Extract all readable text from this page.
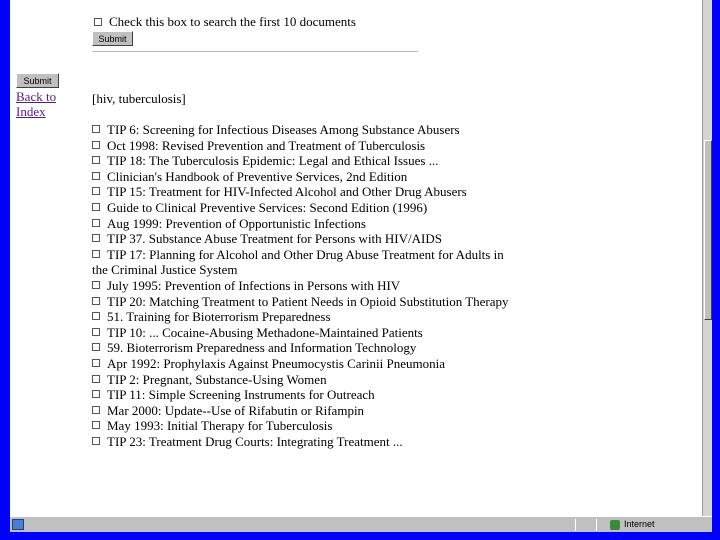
Check this box to search the first 10 documents
Submit
Submit
Back to
Index
[hiv, tuberculosis]
TIP 6: Screening for Infectious Diseases Among Substance Abusers
Oct 1998: Revised Prevention and Treatment of Tuberculosis
TIP 18: The Tuberculosis Epidemic: Legal and Ethical Issues ...
Clinician's Handbook of Preventive Services, 2nd Edition
TIP 15: Treatment for HIV-Infected Alcohol and Other Drug Abusers
Guide to Clinical Preventive Services: Second Edition (1996)
Aug 1999: Prevention of Opportunistic Infections
TIP 37. Substance Abuse Treatment for Persons with HIV/AIDS
TIP 17: Planning for Alcohol and Other Drug Abuse Treatment for Adults in the Criminal Justice System
July 1995: Prevention of Infections in Persons with HIV
TIP 20: Matching Treatment to Patient Needs in Opioid Substitution Therapy
51. Training for Bioterrorism Preparedness
TIP 10: ... Cocaine-Abusing Methadone-Maintained Patients
59. Bioterrorism Preparedness and Information Technology
Apr 1992: Prophylaxis Against Pneumocystis Carinii Pneumonia
TIP 2: Pregnant, Substance-Using Women
TIP 11: Simple Screening Instruments for Outreach
Mar 2000: Update--Use of Rifabutin or Rifampin
May 1993: Initial Therapy for Tuberculosis
TIP 23: Treatment Drug Courts: Integrating Treatment ...
Internet
